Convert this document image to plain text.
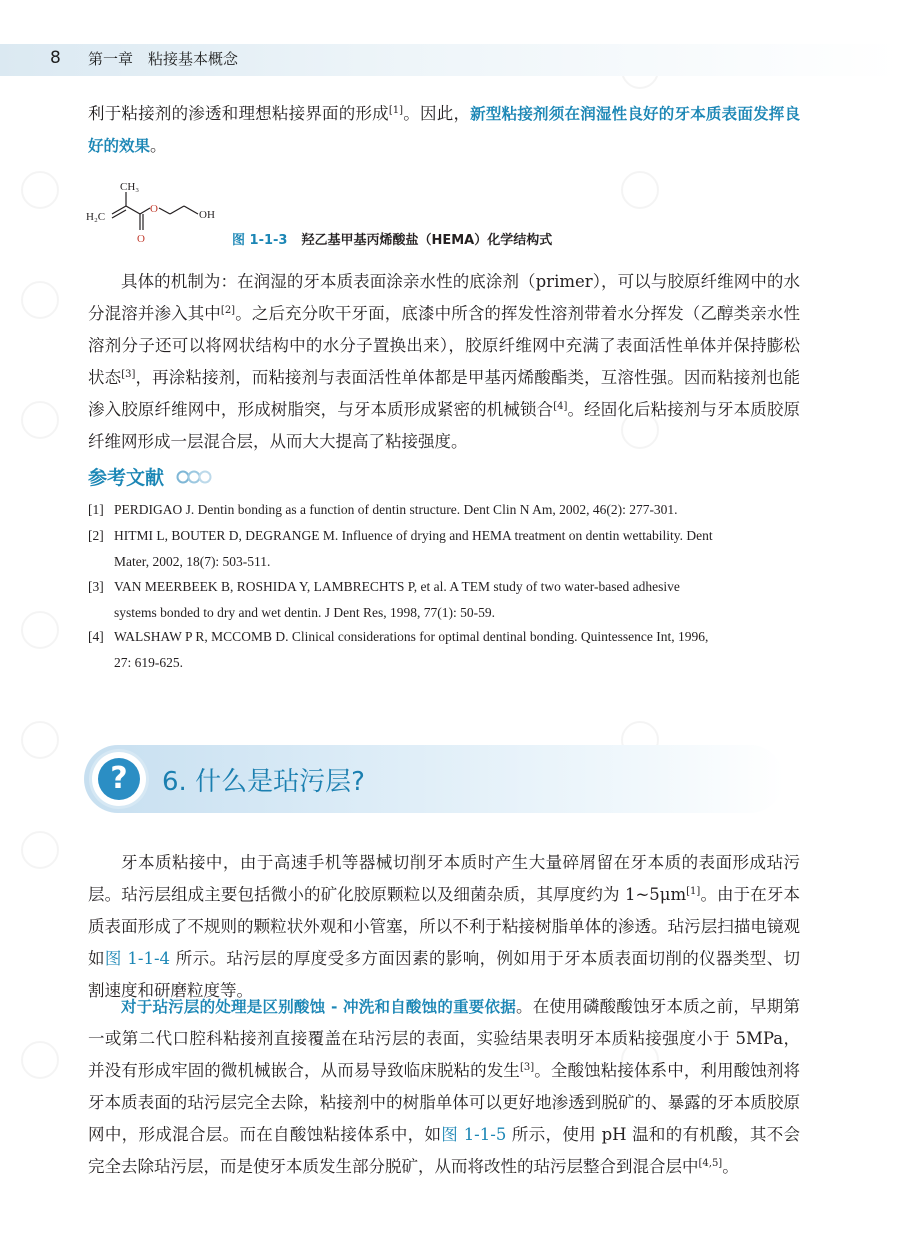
8 第一章　粘接基本概念

利于粘接剂的渗透和理想粘接界面的形成[1]。因此，新型粘接剂须在润湿性良好的牙本质表面发挥良好的效果。

CH₃
H₂C
O
O
OH
图 1-1-3 羟乙基甲基丙烯酸盐（HEMA）化学结构式

具体的机制为：在润湿的牙本质表面涂亲水性的底涂剂（primer），可以与胶原纤维网中的水分混溶并渗入其中[2]。之后充分吹干牙面，底漆中所含的挥发性溶剂带着水分挥发（乙醇类亲水性溶剂分子还可以将网状结构中的水分子置换出来），胶原纤维网中充满了表面活性单体并保持膨松状态[3]，再涂粘接剂，而粘接剂与表面活性单体都是甲基丙烯酸酯类，互溶性强。因而粘接剂也能渗入胶原纤维网中，形成树脂突，与牙本质形成紧密的机械锁合[4]。经固化后粘接剂与牙本质胶原纤维网形成一层混合层，从而大大提高了粘接强度。

参考文献
[1] PERDIGAO J. Dentin bonding as a function of dentin structure. Dent Clin N Am, 2002, 46(2): 277-301.
[2] HITMI L, BOUTER D, DEGRANGE M. Influence of drying and HEMA treatment on dentin wettability. Dent
Mater, 2002, 18(7): 503-511.
[3] VAN MEERBEEK B, ROSHIDA Y, LAMBRECHTS P, et al. A TEM study of two water-based adhesive
systems bonded to dry and wet dentin. J Dent Res, 1998, 77(1): 50-59.
[4] WALSHAW P R, MCCOMB D. Clinical considerations for optimal dentinal bonding. Quintessence Int, 1996,
27: 619-625.
?	6. 什么是玷污层?

牙本质粘接中，由于高速手机等器械切削牙本质时产生大量碎屑留在牙本质的表面形成玷污层。玷污层组成主要包括微小的矿化胶原颗粒以及细菌杂质，其厚度约为 1~5μm[1]。由于在牙本质表面形成了不规则的颗粒状外观和小管塞，所以不利于粘接树脂单体的渗透。玷污层扫描电镜观如图 1-1-4 所示。玷污层的厚度受多方面因素的影响，例如用于牙本质表面切削的仪器类型、切割速度和研磨粒度等。

对于玷污层的处理是区别酸蚀 - 冲洗和自酸蚀的重要依据。在使用磷酸酸蚀牙本质之前，早期第一或第二代口腔科粘接剂直接覆盖在玷污层的表面，实验结果表明牙本质粘接强度小于 5MPa，并没有形成牢固的微机械嵌合，从而易导致临床脱粘的发生[3]。全酸蚀粘接体系中，利用酸蚀剂将牙本质表面的玷污层完全去除，粘接剂中的树脂单体可以更好地渗透到脱矿的、暴露的牙本质胶原网中，形成混合层。而在自酸蚀粘接体系中，如图 1-1-5 所示，使用 pH 温和的有机酸，其不会完全去除玷污层，而是使牙本质发生部分脱矿，从而将改性的玷污层整合到混合层中[4,5]。
